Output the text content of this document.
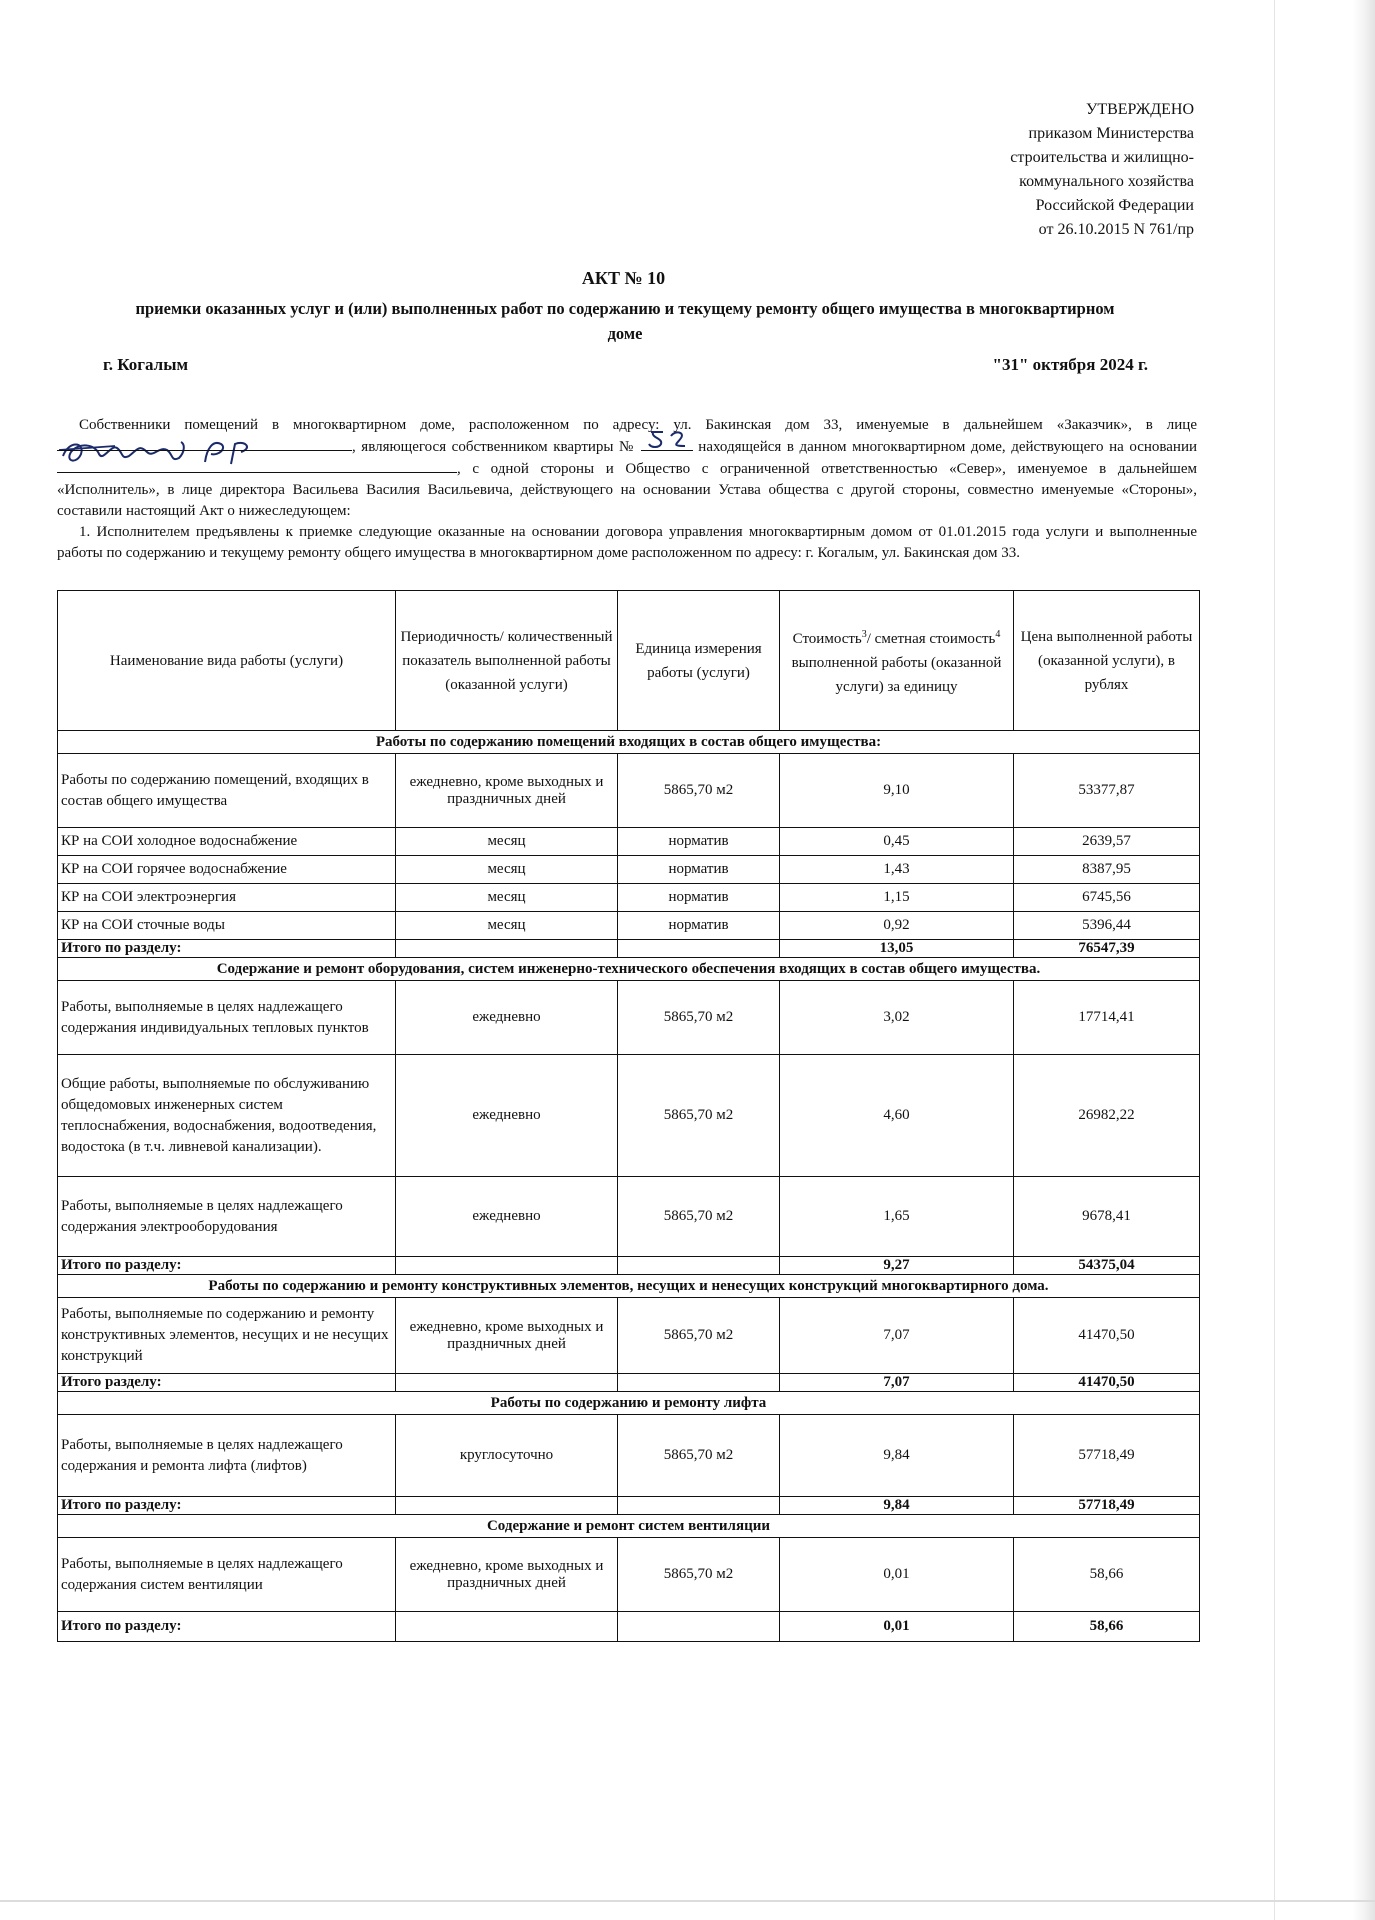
УТВЕРЖДЕНО
приказом Министерства
строительства и жилищно-
коммунального хозяйства
Российской Федерации
от 26.10.2015 N 761/пр
АКТ № 10
приемки оказанных услуг и (или) выполненных работ по содержанию и текущему ремонту общего имущества в многоквартирном доме
г. Когалым	"31" октября 2024 г.

Собственники помещений в многоквартирном доме, расположенном по адресу: ул. Бакинская дом 33, именуемые в дальнейшем «Заказчик», в лице , являющегося собственником квартиры №	находящейся в данном многоквартирном доме, действующего на основании , с одной стороны и Общество с ограниченной ответственностью «Север», именуемое в дальнейшем «Исполнитель», в лице директора Васильева Василия Васильевича, действующего на основании Устава общества с другой стороны, совместно именуемые «Стороны», составили настоящий Акт о нижеследующем:

1. Исполнителем предъявлены к приемке следующие оказанные на основании договора управления многоквартирным домом от 01.01.2015 года услуги и выполненные работы по содержанию и текущему ремонту общего имущества в многоквартирном доме расположенном по адресу: г. Когалым, ул. Бакинская дом 33.

Наименование вида работы (услуги)	Периодичность/ количественный показатель выполненной работы (оказанной услуги)	Единица измерения работы (услуги)	Стоимость$^3$/ сметная стоимость$^4$ выполненной работы (оказанной услуги) за единицу	Цена выполненной работы (оказанной услуги), в рублях
Работы по содержанию помещений входящих в состав общего имущества:				
Работы по содержанию помещений, входящих в состав общего имущества	ежедневно, кроме выходных и праздничных дней	5865,70 м2	9,10	53377,87
КР на СОИ холодное водоснабжение	месяц	норматив	0,45	2639,57
КР на СОИ горячее водоснабжение	месяц	норматив	1,43	8387,95
КР на СОИ электроэнергия	месяц	норматив	1,15	6745,56
КР на СОИ сточные воды	месяц	норматив	0,92	5396,44
Итого по разделу:			13,05	76547,39
Содержание и ремонт оборудования, систем инженерно-технического обеспечения входящих в состав общего имущества.				
Работы, выполняемые в целях надлежащего содержания индивидуальных тепловых пунктов	ежедневно	5865,70 м2	3,02	17714,41
Общие работы, выполняемые по обслуживанию общедомовых инженерных систем теплоснабжения, водоснабжения, водоотведения, водостока (в т.ч. ливневой канализации).	ежедневно	5865,70 м2	4,60	26982,22
Работы, выполняемые в целях надлежащего содержания электрооборудования	ежедневно	5865,70 м2	1,65	9678,41
Итого по разделу:			9,27	54375,04
Работы по содержанию и ремонту конструктивных элементов, несущих и ненесущих конструкций многоквартирного дома.				
Работы, выполняемые по содержанию и ремонту конструктивных элементов, несущих и не несущих конструкций	ежедневно, кроме выходных и праздничных дней	5865,70 м2	7,07	41470,50
Итого разделу:			7,07	41470,50
Работы по содержанию и ремонту лифта				
Работы, выполняемые в целях надлежащего содержания и ремонта лифта (лифтов)	круглосуточно	5865,70 м2	9,84	57718,49
Итого по разделу:			9,84	57718,49
Содержание и ремонт систем вентиляции				
Работы, выполняемые в целях надлежащего содержания систем вентиляции	ежедневно, кроме выходных и праздничных дней	5865,70 м2	0,01	58,66
Итого по разделу:			0,01	58,66
